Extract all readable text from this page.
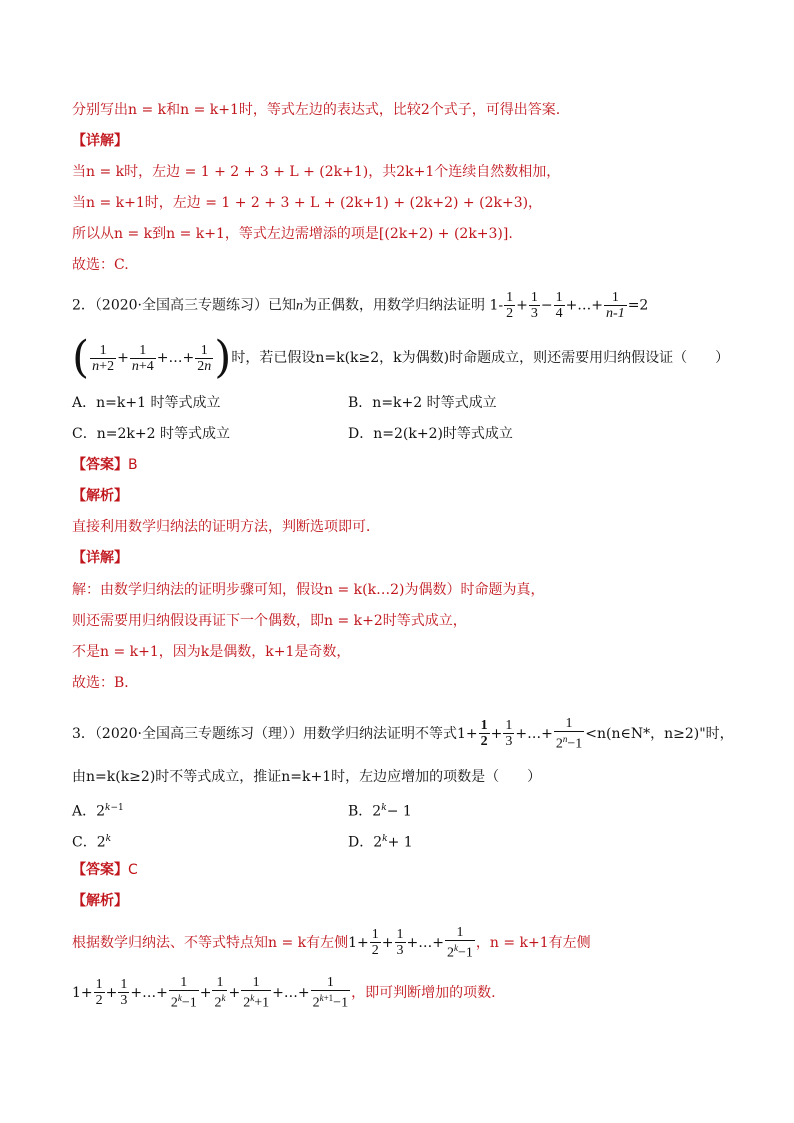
分别写出n = k和n = k+1时，等式左边的表达式，比较2个式子，可得出答案.
【详解】
当n = k时，左边 = 1 + 2 + 3 + L + (2k+1)，共2k+1个连续自然数相加，
当n = k+1时，左边 = 1 + 2 + 3 + L + (2k+1) + (2k+2) + (2k+3)，
所以从n = k到n = k+1，等式左边需增添的项是[(2k+2) + (2k+3)].
故选：C.
2．（2020·全国高三专题练习）已知n为正偶数，用数学归纳法证明 $1- \frac{1}{2} + \frac{1}{3} - \frac{1}{4}$ +…+ $\frac{1}{n-1} =2$
( $\frac{1}{n+2} + \frac{1}{n+4}$ +…+ $\frac{1}{2n}$ )时，若已假设n=k(k≥2，k为偶数)时命题成立，则还需要用归纳假设证（　　）
A．n=k+1 时等式成立	B．n=k+2 时等式成立
C．n=2k+2 时等式成立	D．n=2(k+2)时等式成立
【答案】B
【解析】
直接利用数学归纳法的证明方法，判断选项即可．
【详解】
解：由数学归纳法的证明步骤可知，假设n = k(k…2)为偶数）时命题为真，
则还需要用归纳假设再证下一个偶数，即n = k+2时等式成立，
不是n = k+1，因为k是偶数，k+1是奇数，
故选：B．
3．（2020·全国高三专题练习（理））用数学归纳法证明不等式$1+ \frac{1}{2} + \frac{1}{3}$ +…+ $\frac{1}{2^n-1}$ <n(n∈N*，n≥2)"时，
由n=k(k≥2)时不等式成立，推证n=k+1时，左边应增加的项数是（　　）
A．$2^{k-1}$	B．$2^k- 1$
C．2$^k$	D．$2^k+ 1$
【答案】C
【解析】
根据数学归纳法、不等式特点知n = k有左侧$1+ \frac{1}{2} + \frac{1}{3}$ +…+ $\frac{1}{2^k-1}$ ，n = k+1有左侧
$1+ \frac{1}{2} + \frac{1}{3}$ +…+ $\frac{1}{2^k-1} + \frac{1}{2^k} + \frac{1}{2^k+1}$ +…+ $\frac{1}{2^{k+1}-1}$ ，即可判断增加的项数.
